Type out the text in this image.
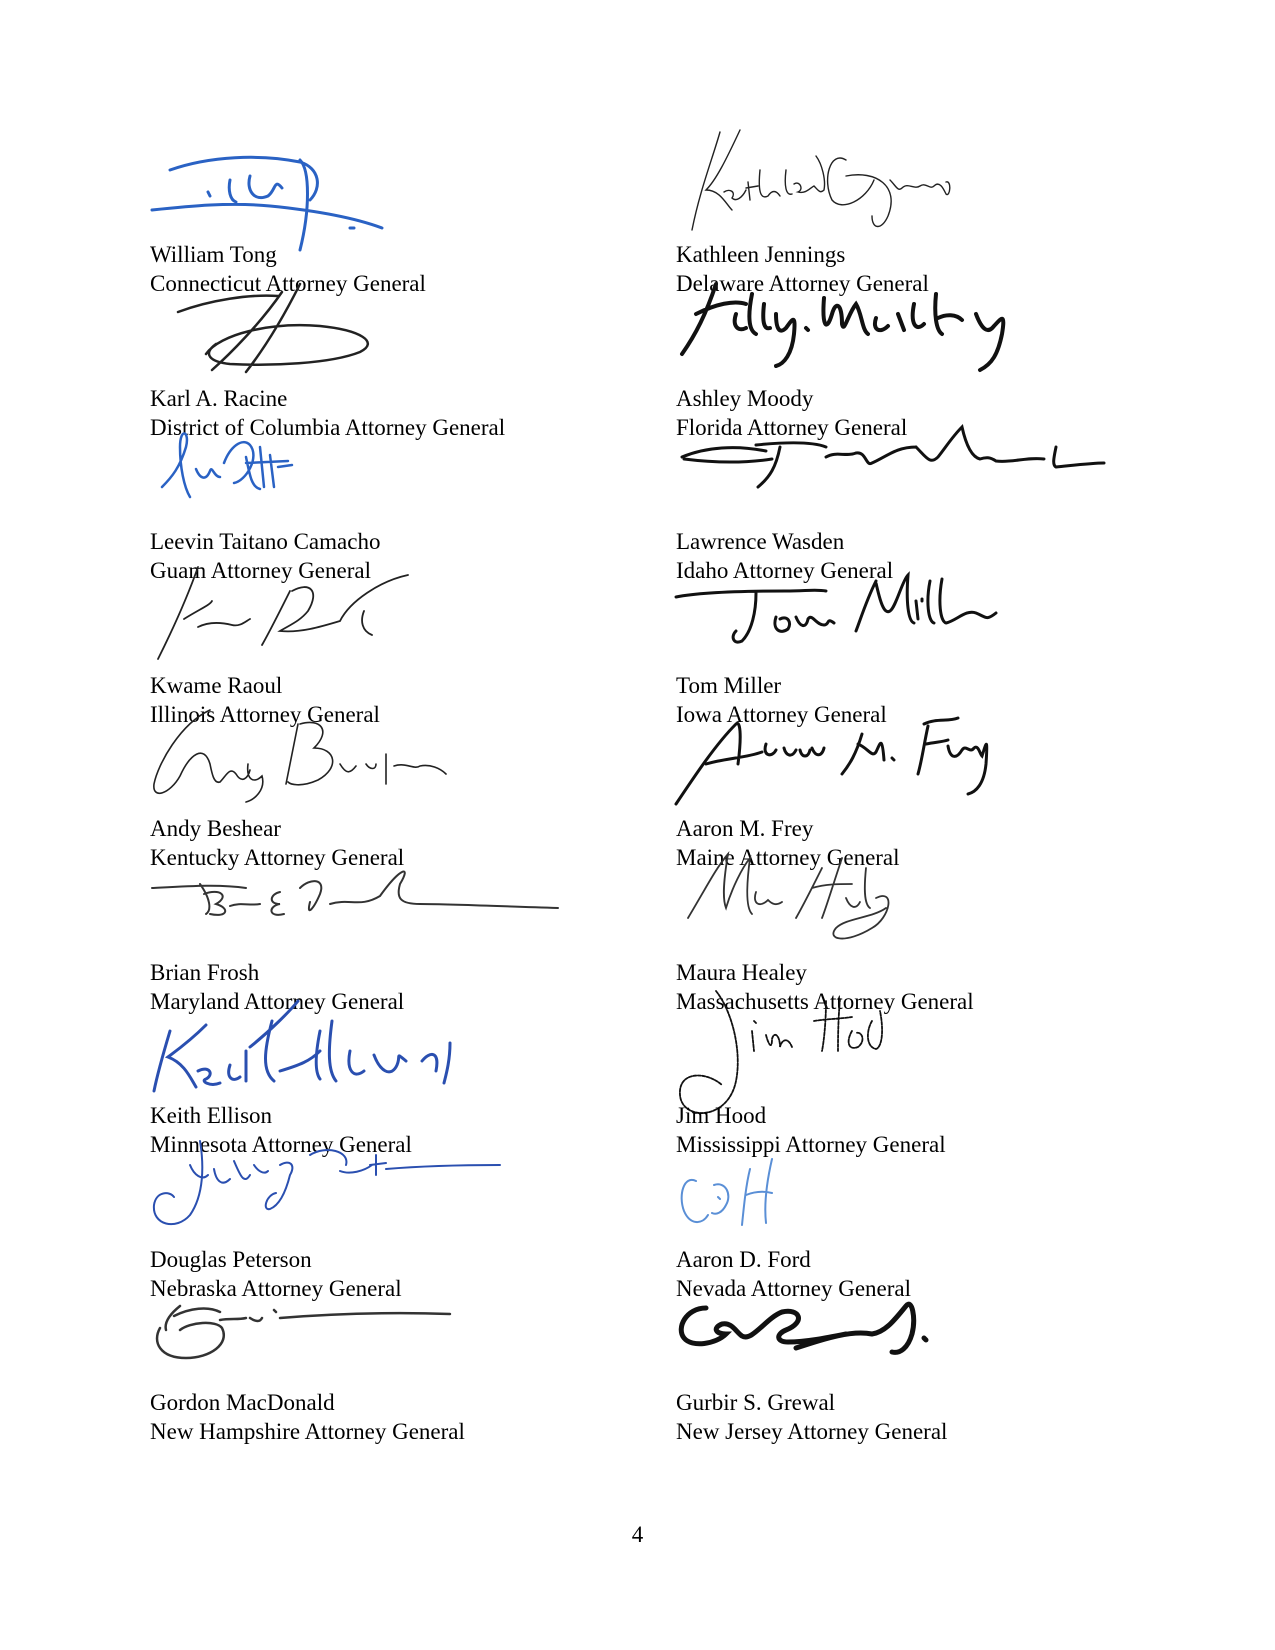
William Tong
Connecticut Attorney General
Karl A. Racine
District of Columbia Attorney General
Leevin Taitano Camacho
Guam Attorney General
Kwame Raoul
Illinois Attorney General
Andy Beshear
Kentucky Attorney General
Brian Frosh
Maryland Attorney General
Keith Ellison
Minnesota Attorney General
Douglas Peterson
Nebraska Attorney General
Gordon MacDonald
New Hampshire Attorney General
Kathleen Jennings
Delaware Attorney General
Ashley Moody
Florida Attorney General
Lawrence Wasden
Idaho Attorney General
Tom Miller
Iowa Attorney General
Aaron M. Frey
Maine Attorney General
Maura Healey
Massachusetts Attorney General
Jim Hood
Mississippi Attorney General
Aaron D. Ford
Nevada Attorney General
Gurbir S. Grewal
New Jersey Attorney General
4
